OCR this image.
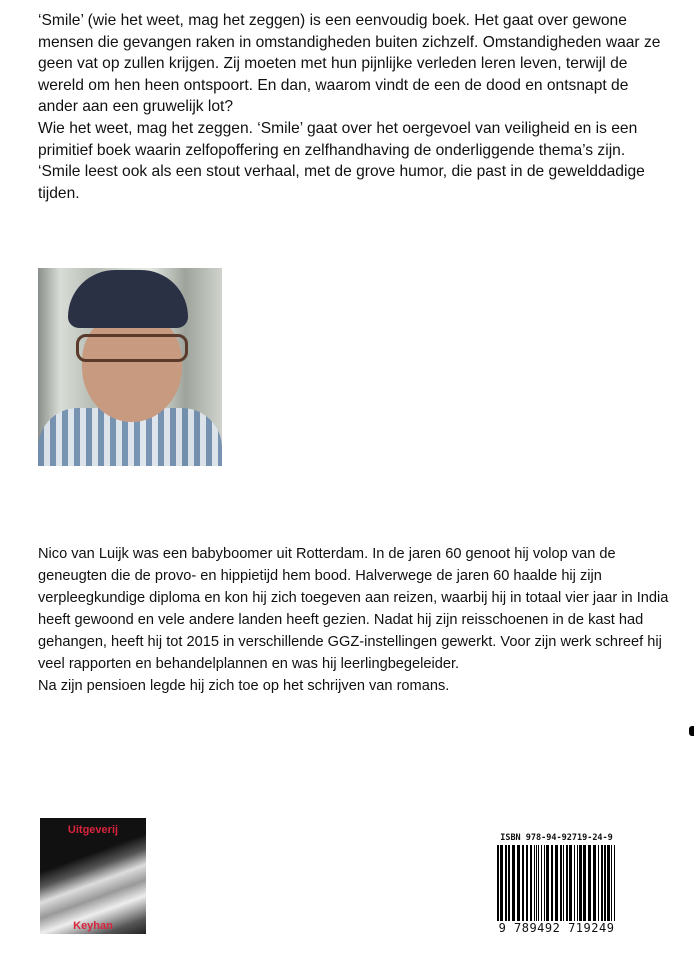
‘Smile’ (wie het weet, mag het zeggen) is een eenvoudig boek. Het gaat over gewone mensen die gevangen raken in omstandigheden buiten zichzelf. Omstandigheden waar ze geen vat op zullen krijgen. Zij moeten met hun pijnlijke verleden leren leven, terwijl de wereld om hen heen ontspoort. En dan, waarom vindt de een de dood en ontsnapt de ander aan een gruwelijk lot?

Wie het weet, mag het zeggen. ‘Smile’ gaat over het oergevoel van veiligheid en is een primitief boek waarin zelfopoffering en zelfhandhaving de onderliggende thema’s zijn.

‘Smile leest ook als een stout verhaal, met de grove humor, die past in de gewelddadige tijden.

Nico van Luijk was een babyboomer uit Rotterdam. In de jaren 60 genoot hij volop van de geneugten die de provo- en hippietijd hem bood. Halverwege de jaren 60 haalde hij zijn verpleegkundige diploma en kon hij zich toegeven aan reizen, waarbij hij in totaal vier jaar in India heeft gewoond en vele andere landen heeft gezien. Nadat hij zijn reisschoenen in de kast had gehangen, heeft hij tot 2015 in verschillende GGZ-instellingen gewerkt. Voor zijn werk schreef hij veel rapporten en behandelplannen en was hij leerlingbegeleider.

Na zijn pensioen legde hij zich toe op het schrijven van romans.

Uitgeverij
Keyhan
ISBN 978-94-92719-24-9
9 789492 719249
